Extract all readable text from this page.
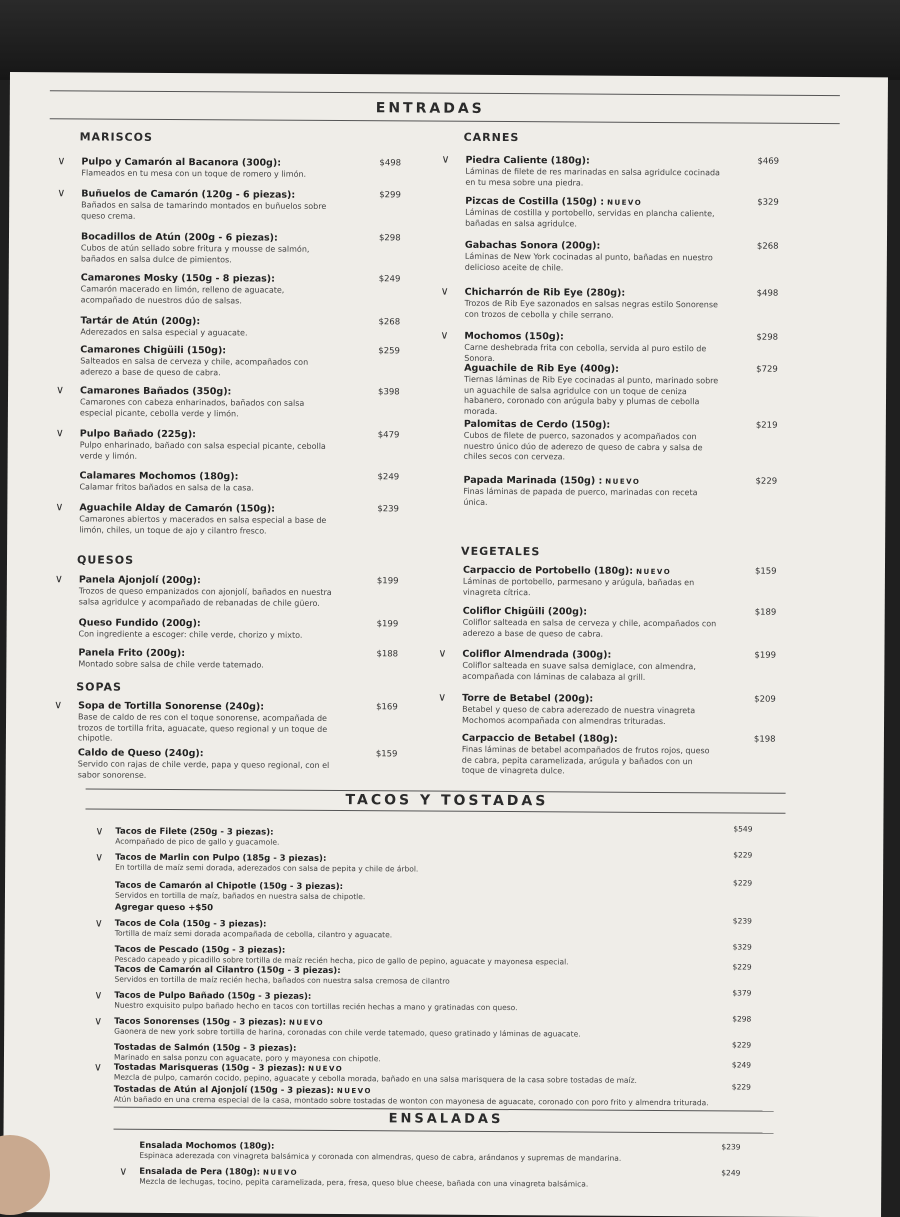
ENTRADAS
MARISCOS
Pulpo y Camarón al Bacanora (300g):
Flameados en tu mesa con un toque de romero y limón.
$498
∨
Buñuelos de Camarón (120g - 6 piezas):
Bañados en salsa de tamarindo montados en buñuelos sobre queso crema.
$299
∨
Bocadillos de Atún (200g - 6 piezas):
Cubos de atún sellado sobre fritura y mousse de salmón, bañados en salsa dulce de pimientos.
$298
Camarones Mosky (150g - 8 piezas):
Camarón macerado en limón, relleno de aguacate, acompañado de nuestros dúo de salsas.
$249
Tartár de Atún (200g):
Aderezados en salsa especial y aguacate.
$268
Camarones Chigüili (150g):
Salteados en salsa de cerveza y chile, acompañados con aderezo a base de queso de cabra.
$259
Camarones Bañados (350g):
Camarones con cabeza enharinados, bañados con salsa especial picante, cebolla verde y limón.
$398
∨
Pulpo Bañado (225g):
Pulpo enharinado, bañado con salsa especial picante, cebolla verde y limón.
$479
∨
Calamares Mochomos (180g):
Calamar fritos bañados en salsa de la casa.
$249
Aguachile Alday de Camarón (150g):
Camarones abiertos y macerados en salsa especial a base de limón, chiles, un toque de ajo y cilantro fresco.
$239
∨
QUESOS
Panela Ajonjolí (200g):
Trozos de queso empanizados con ajonjolí, bañados en nuestra salsa agridulce y acompañado de rebanadas de chile güero.
$199
∨
Queso Fundido (200g):
Con ingrediente a escoger: chile verde, chorizo y mixto.
$199
Panela Frito (200g):
Montado sobre salsa de chile verde tatemado.
$188
SOPAS
Sopa de Tortilla Sonorense (240g):
Base de caldo de res con el toque sonorense, acompañada de trozos de tortilla frita, aguacate, queso regional y un toque de chipotle.
$169
∨
Caldo de Queso (240g):
Servido con rajas de chile verde, papa y queso regional, con el sabor sonorense.
$159
CARNES
Piedra Caliente (180g):
Láminas de filete de res marinadas en salsa agridulce cocinada en tu mesa sobre una piedra.
$469
∨
Pizcas de Costilla (150g) : NUEVO
Láminas de costilla y portobello, servidas en plancha caliente, bañadas en salsa agridulce.
$329
Gabachas Sonora (200g):
Láminas de New York cocinadas al punto, bañadas en nuestro delicioso aceite de chile.
$268
Chicharrón de Rib Eye (280g):
Trozos de Rib Eye sazonados en salsas negras estilo Sonorense con trozos de cebolla y chile serrano.
$498
∨
Mochomos (150g):
Carne deshebrada frita con cebolla, servida al puro estilo de Sonora.
$298
∨
Aguachile de Rib Eye (400g):
Tiernas láminas de Rib Eye cocinadas al punto, marinado sobre un aguachile de salsa agridulce con un toque de ceniza habanero, coronado con arúgula baby y plumas de cebolla morada.
$729
Palomitas de Cerdo (150g):
Cubos de filete de puerco, sazonados y acompañados con nuestro único dúo de aderezo de queso de cabra y salsa de chiles secos con cerveza.
$219
Papada Marinada (150g) : NUEVO
Finas láminas de papada de puerco, marinadas con receta única.
$229
VEGETALES
Carpaccio de Portobello (180g): NUEVO
Láminas de portobello, parmesano y arúgula, bañadas en vinagreta cítrica.
$159
Coliflor Chigüili (200g):
Coliflor salteada en salsa de cerveza y chile, acompañados con aderezo a base de queso de cabra.
$189
Coliflor Almendrada (300g):
Coliflor salteada en suave salsa demiglace, con almendra, acompañada con láminas de calabaza al grill.
$199
∨
Torre de Betabel (200g):
Betabel y queso de cabra aderezado de nuestra vinagreta Mochomos acompañada con almendras trituradas.
$209
∨
Carpaccio de Betabel (180g):
Finas láminas de betabel acompañados de frutos rojos, queso de cabra, pepita caramelizada, arúgula y bañados con un toque de vinagreta dulce.
$198
TACOS Y TOSTADAS
Tacos de Filete (250g - 3 piezas):
Acompañado de pico de gallo y guacamole.
$549
∨
Tacos de Marlin con Pulpo (185g - 3 piezas):
En tortilla de maíz semi dorada, aderezados con salsa de pepita y chile de árbol.
$229
∨
Tacos de Camarón al Chipotle (150g - 3 piezas):
Servidos en tortilla de maíz, bañados en nuestra salsa de chipotle.
$229
Agregar queso +$50
Tacos de Cola (150g - 3 piezas):
Tortilla de maíz semi dorada acompañada de cebolla, cilantro y aguacate.
$239
∨
Tacos de Pescado (150g - 3 piezas):
Pescado capeado y picadillo sobre tortilla de maíz recién hecha, pico de gallo de pepino, aguacate y mayonesa especial.
$329
Tacos de Camarón al Cilantro (150g - 3 piezas):
Servidos en tortilla de maíz recién hecha, bañados con nuestra salsa cremosa de cilantro
$229
Tacos de Pulpo Bañado (150g - 3 piezas):
Nuestro exquisito pulpo bañado hecho en tacos con tortillas recién hechas a mano y gratinadas con queso.
$379
∨
Tacos Sonorenses (150g - 3 piezas): NUEVO
Gaonera de new york sobre tortilla de harina, coronadas con chile verde tatemado, queso gratinado y láminas de aguacate.
$298
∨
Tostadas de Salmón (150g - 3 piezas):
Marinado en salsa ponzu con aguacate, poro y mayonesa con chipotle.
$229
Tostadas Marisqueras (150g - 3 piezas): NUEVO
Mezcla de pulpo, camarón cocido, pepino, aguacate y cebolla morada, bañado en una salsa marisquera de la casa sobre tostadas de maíz.
$249
∨
Tostadas de Atún al Ajonjolí (150g - 3 piezas): NUEVO
Atún bañado en una crema especial de la casa, montado sobre tostadas de wonton con mayonesa de aguacate, coronado con poro frito y almendra triturada.
$229
ENSALADAS
Ensalada Mochomos (180g):
Espinaca aderezada con vinagreta balsámica y coronada con almendras, queso de cabra, arándanos y supremas de mandarina.
$239
Ensalada de Pera (180g): NUEVO
Mezcla de lechugas, tocino, pepita caramelizada, pera, fresa, queso blue cheese, bañada con una vinagreta balsámica.
$249
∨
